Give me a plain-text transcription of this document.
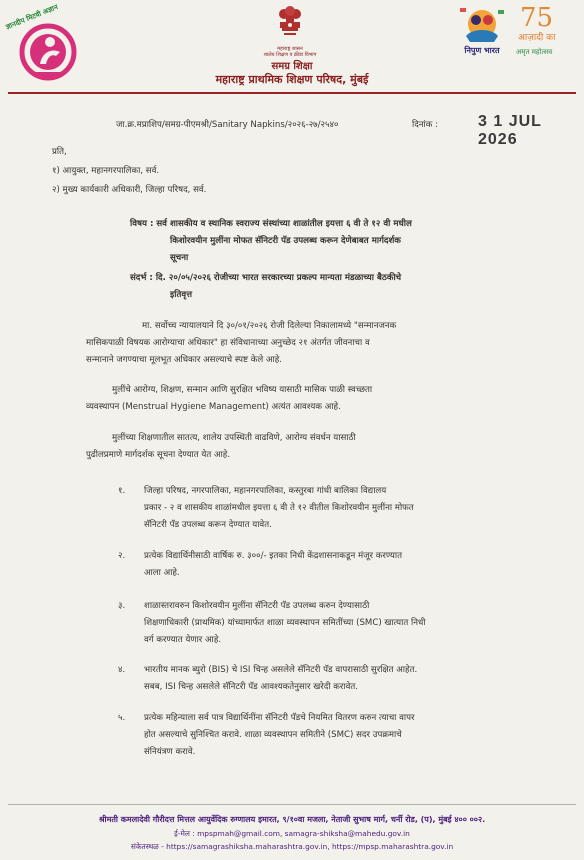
ज्ञानदीप मिटवी अज्ञान
महाराष्ट्र शासन
शालेय शिक्षण व क्रीडा विभाग	निपुण भारत
75
आज़ादी का
अमृत महोत्सव
समग्र शिक्षा
महाराष्ट्र प्राथमिक शिक्षण परिषद, मुंबई
जा.क्र.मप्राशिप/समग्र-पीएमश्री/Sanitary Napkins/२०२६-२७/२५४०	दिनांक : 3 1 JUL 2026
प्रति,
१) आयुक्त, महानगरपालिका, सर्व.
२) मुख्य कार्यकारी अधिकारी, जिल्हा परिषद, सर्व.
विषय : सर्व शासकीय व स्थानिक स्वराज्य संस्थांच्या शाळांतील इयत्ता ६ वी ते १२ वी मधील
किशोरवयीन मुलींना मोफत सॅनिटरी पॅड उपलब्ध करून देणेबाबत मार्गदर्शक
सूचना
संदर्भ : दि. २०/०५/२०२६ रोजीच्या भारत सरकारच्या प्रकल्प मान्यता मंडळाच्या बैठकीचे
इतिवृत्त
मा. सर्वोच्च न्यायालयाने दि ३०/०१/२०२६ रोजी दिलेल्या निकालामध्ये "सन्मानजनक
मासिकपाळी विषयक आरोग्याचा अधिकार" हा संविधानाच्या अनुच्छेद २१ अंतर्गत जीवनाचा व
सन्मानाने जगण्याचा मूलभूत अधिकार असल्याचे स्पष्ट केले आहे.
मुलींचे आरोग्य, शिक्षण, सन्मान आणि सुरक्षित भविष्य यासाठी मासिक पाळी स्वच्छता
व्यवस्थापन (Menstrual Hygiene Management) अत्यंत आवश्यक आहे.
मुलींच्या शिक्षणातील सातत्य, शालेय उपस्थिती वाढविणे, आरोग्य संवर्धन यासाठी
पुढीलप्रमाणे मार्गदर्शक सूचना देण्यात येत आहे.
१. जिल्हा परिषद, नगरपालिका, महानगरपालिका, कस्तुरबा गांधी बालिका विद्यालय
प्रकार - २ व शासकीय शाळांमधील इयत्ता ६ वी ते १२ वीतील किशोरवयीन मुलींना मोफत
सॅनिटरी पॅड उपलब्ध करून देण्यात यावेत.
२. प्रत्येक विद्यार्थिनीसाठी वार्षिक रु. ३००/- इतका निधी केंद्रशासनाकडून मंजूर करण्यात
आला आहे.
३. शाळास्तरावरुन किशोरवयीन मुलींना सॅनिटरी पॅड उपलब्ध करुन देण्यासाठी
शिक्षणाधिकारी (प्राथमिक) यांच्यामार्फत शाळा व्यवस्थापन समितींच्या (SMC) खात्यात निधी
वर्ग करण्यात येणार आहे.
४. भारतीय मानक ब्युरो (BIS) चे ISI चिन्ह असलेले सॅनिटरी पॅड वापरासाठी सुरक्षित आहेत.
सबब, ISI चिन्ह असलेले सॅनिटरी पॅड आवश्यकतेनुसार खरेदी करावेत.
५. प्रत्येक महिन्याला सर्व पात्र विद्यार्थिनींना सॅनिटरी पॅडचे नियमित वितरण करुन त्याचा वापर
होत असल्याचे सुनिश्चित करावे. शाळा व्यवस्थापन समितीने (SMC) सदर उपक्रमाचे
संनियंत्रण करावे.
श्रीमती कमलादेवी गौरीदत्त मित्तल आयुर्वेदिक रुग्णालय इमारत, ९/१०वा मजला, नेताजी सुभाष मार्ग, चर्नी रोड, (प), मुंबई ४०० ००२.
ई-मेल : mpspmah@gmail.com, samagra-shiksha@mahedu.gov.in
संकेतस्थळ - https://samagrashiksha.maharashtra.gov.in, https://mpsp.maharashtra.gov.in
